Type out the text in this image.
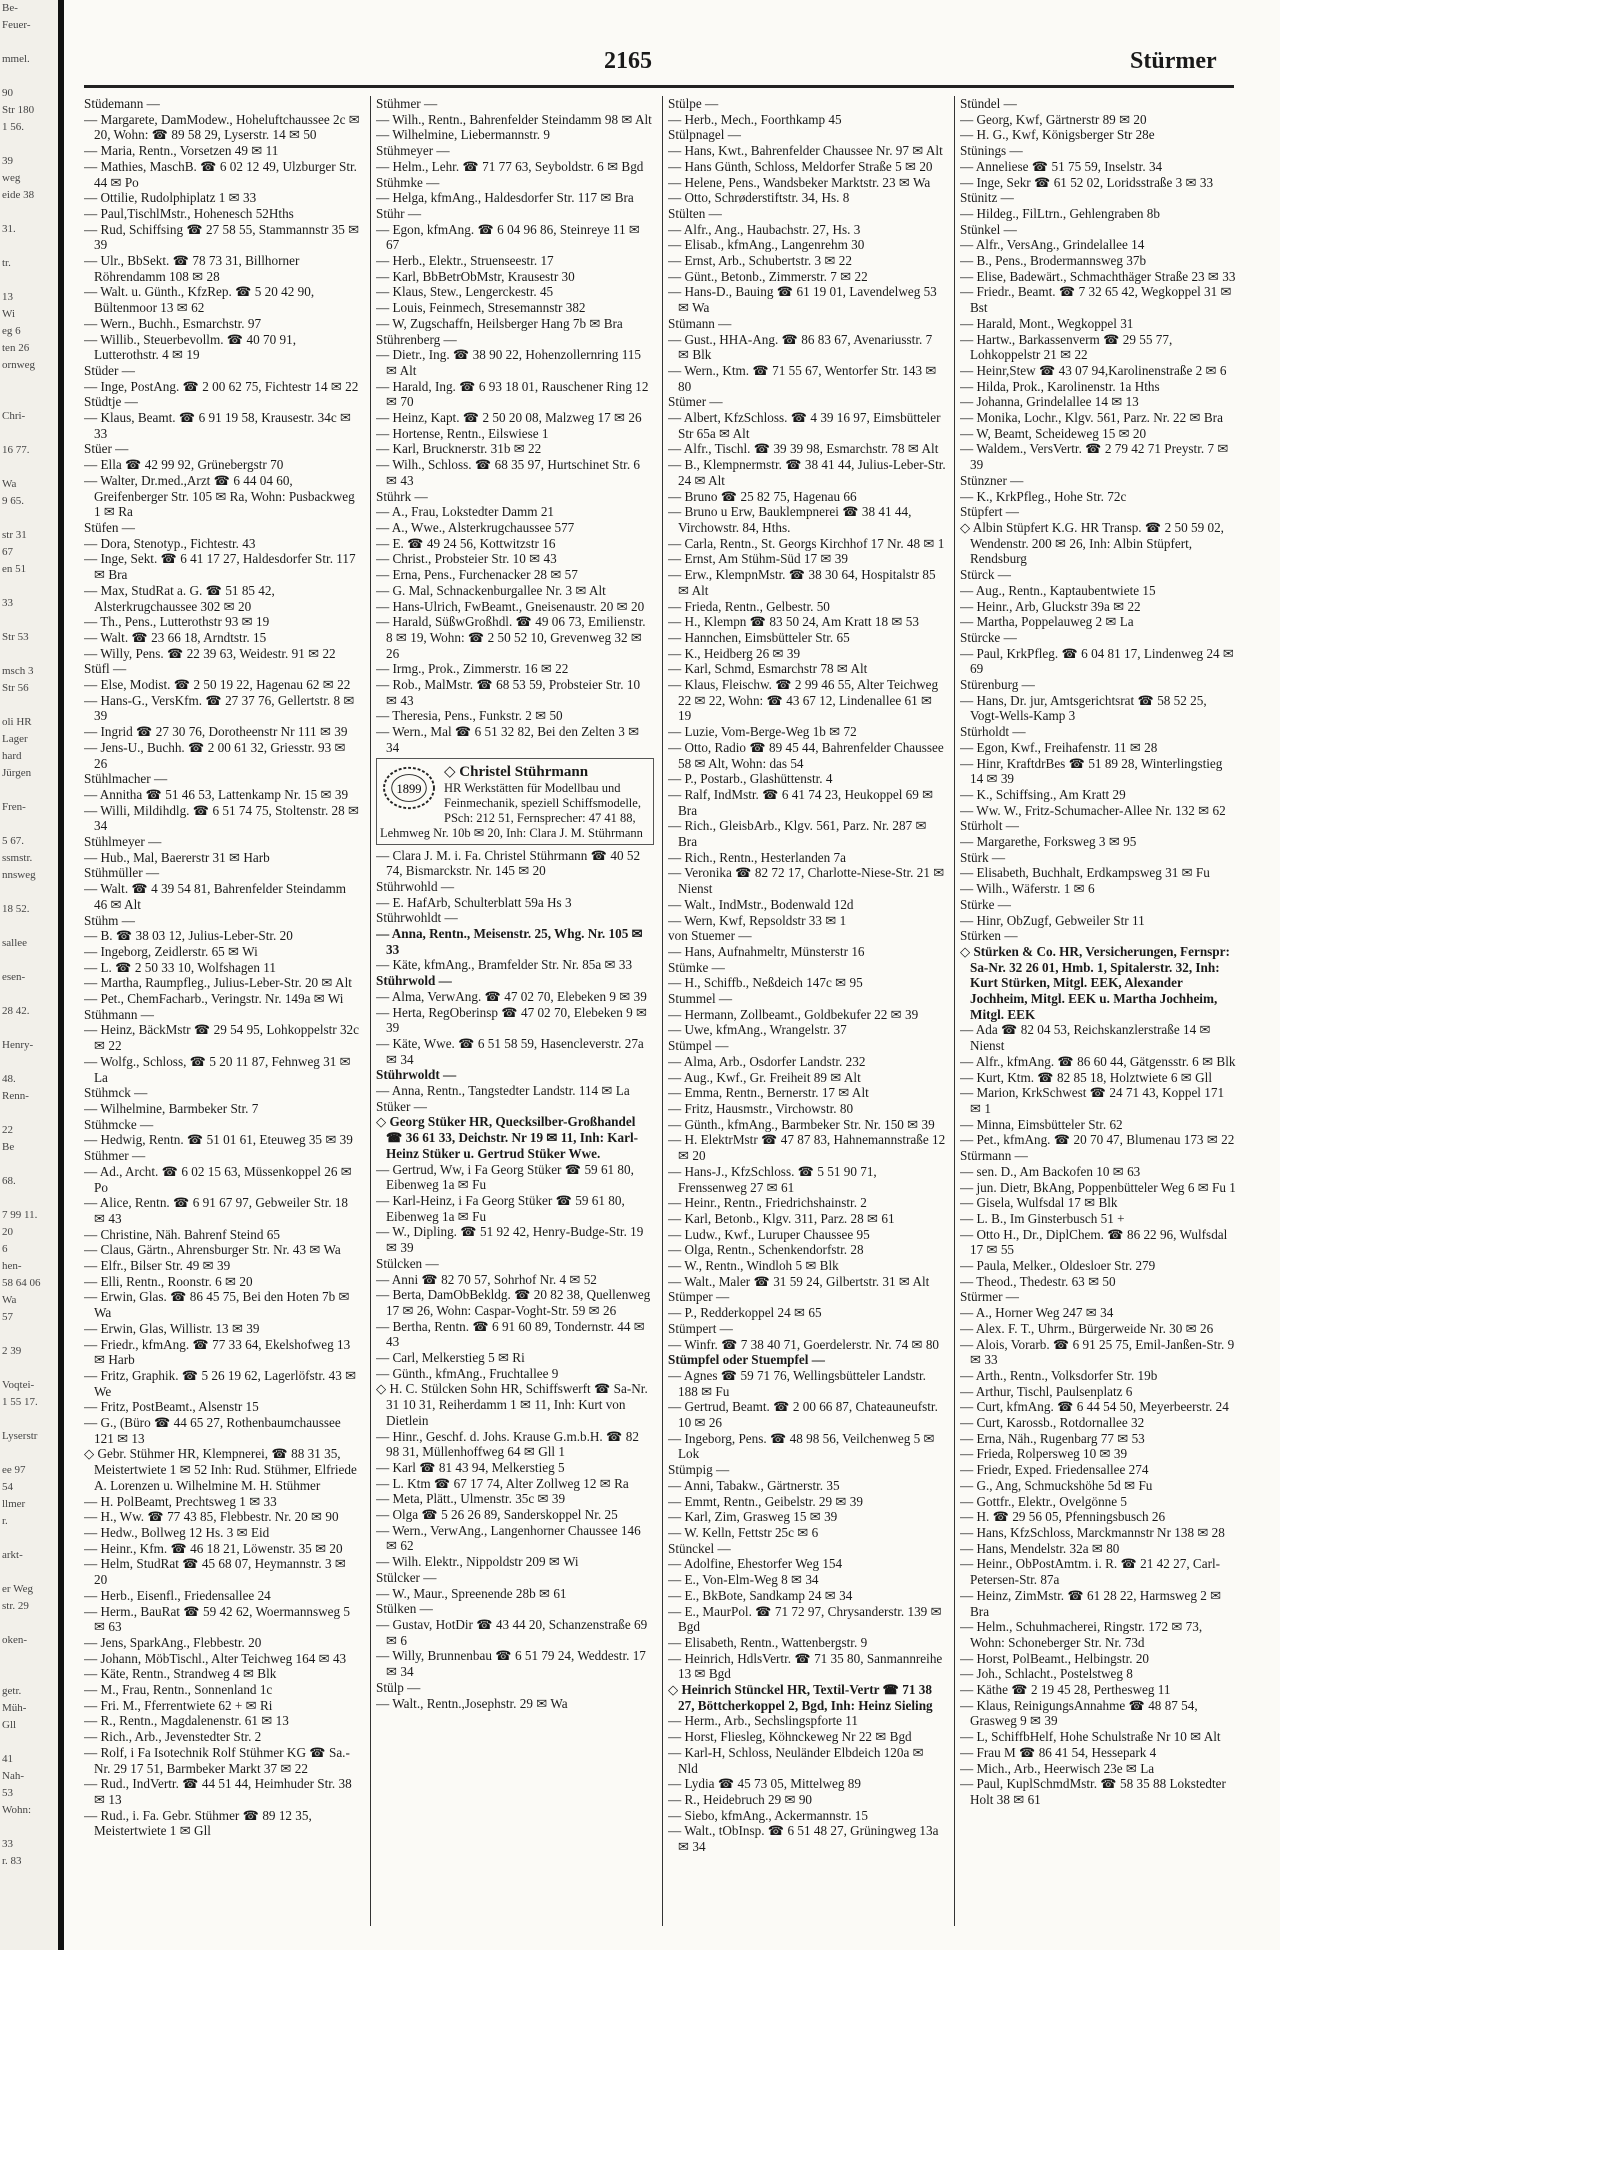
Be-
Feuer-

mmel.

90
Str 180
1 56.

39
weg
eide 38

31.

tr.

13
Wi
eg 6
ten 26
ornweg

Chri-

16 77.

Wa
9 65.

str 31
67
en 51

33

Str 53

msch 3
Str 56

oli HR
Lager
hard
Jürgen

Fren-

5 67.
ssmstr.
nnsweg

18 52.

sallee

esen-

28 42.

Henry-

48.
Renn-

22
Be

68.

7 99 11.
20
6
hen-
58 64 06
Wa
57

2 39

Voqtei-
1 55 17.

Lyserstr

ee 97
54
llmer
r.

arkt-

er Weg
str. 29

oken-

getr.
Müh-
Gll

41
Nah-
53
Wohn:

33
r. 83
2165	Stürmer

Stüdemann —

— Margarete, DamModew., Hoheluftchaussee 2c ✉ 20, Wohn: ☎ 89 58 29, Lyserstr. 14 ✉ 50

— Maria, Rentn., Vorsetzen 49 ✉ 11

— Mathies, MaschB. ☎ 6 02 12 49, Ulzburger Str. 44 ✉ Po

— Ottilie, Rudolphiplatz 1 ✉ 33

— Paul,TischlMstr., Hohenesch 52Hths

— Rud, Schiffsing ☎ 27 58 55, Stammannstr 35 ✉ 39

— Ulr., BbSekt. ☎ 78 73 31, Billhorner Röhrendamm 108 ✉ 28

— Walt. u. Günth., KfzRep. ☎ 5 20 42 90, Bültenmoor 13 ✉ 62

— Wern., Buchh., Esmarchstr. 97

— Willib., Steuerbevollm. ☎ 40 70 91, Lutterothstr. 4 ✉ 19

Stüder —

— Inge, PostAng. ☎ 2 00 62 75, Fichtestr 14 ✉ 22

Stüdtje —

— Klaus, Beamt. ☎ 6 91 19 58, Krausestr. 34c ✉ 33

Stüer —

— Ella ☎ 42 99 92, Grünebergstr 70

— Walter, Dr.med.,Arzt ☎ 6 44 04 60, Greifenberger Str. 105 ✉ Ra, Wohn: Pusbackweg 1 ✉ Ra

Stüfen —

— Dora, Stenotyp., Fichtestr. 43

— Inge, Sekt. ☎ 6 41 17 27, Haldesdorfer Str. 117 ✉ Bra

— Max, StudRat a. G. ☎ 51 85 42, Alsterkrugchaussee 302 ✉ 20

— Th., Pens., Lutterothstr 93 ✉ 19

— Walt. ☎ 23 66 18, Arndtstr. 15

— Willy, Pens. ☎ 22 39 63, Weidestr. 91 ✉ 22

Stüfl —

— Else, Modist. ☎ 2 50 19 22, Hagenau 62 ✉ 22

— Hans-G., VersKfm. ☎ 27 37 76, Gellertstr. 8 ✉ 39

— Ingrid ☎ 27 30 76, Dorotheenstr Nr 111 ✉ 39

— Jens-U., Buchh. ☎ 2 00 61 32, Griesstr. 93 ✉ 26

Stühlmacher —

— Annitha ☎ 51 46 53, Lattenkamp Nr. 15 ✉ 39

— Willi, Mildihdlg. ☎ 6 51 74 75, Stoltenstr. 28 ✉ 34

Stühlmeyer —

— Hub., Mal, Baererstr 31 ✉ Harb

Stühmüller —

— Walt. ☎ 4 39 54 81, Bahrenfelder Steindamm 46 ✉ Alt

Stühm —

— B. ☎ 38 03 12, Julius-Leber-Str. 20

— Ingeborg, Zeidlerstr. 65 ✉ Wi

— L. ☎ 2 50 33 10, Wolfshagen 11

— Martha, Raumpfleg., Julius-Leber-Str. 20 ✉ Alt

— Pet., ChemFacharb., Veringstr. Nr. 149a ✉ Wi

Stühmann —

— Heinz, BäckMstr ☎ 29 54 95, Lohkoppelstr 32c ✉ 22

— Wolfg., Schloss, ☎ 5 20 11 87, Fehnweg 31 ✉ La

Stühmck —

— Wilhelmine, Barmbeker Str. 7

Stühmcke —

— Hedwig, Rentn. ☎ 51 01 61, Eteuweg 35 ✉ 39

Stühmer —

— Ad., Archt. ☎ 6 02 15 63, Müssenkoppel 26 ✉ Po

— Alice, Rentn. ☎ 6 91 67 97, Gebweiler Str. 18 ✉ 43

— Christine, Näh. Bahrenf Steind 65

— Claus, Gärtn., Ahrensburger Str. Nr. 43 ✉ Wa

— Elfr., Bilser Str. 49 ✉ 39

— Elli, Rentn., Roonstr. 6 ✉ 20

— Erwin, Glas. ☎ 86 45 75, Bei den Hoten 7b ✉ Wa

— Erwin, Glas, Willistr. 13 ✉ 39

— Friedr., kfmAng. ☎ 77 33 64, Ekelshofweg 13 ✉ Harb

— Fritz, Graphik. ☎ 5 26 19 62, Lagerlöfstr. 43 ✉ We

— Fritz, PostBeamt., Alsenstr 15

— G., (Büro ☎ 44 65 27, Rothenbaumchaussee 121 ✉ 13

◇ Gebr. Stühmer HR, Klempnerei, ☎ 88 31 35, Meistertwiete 1 ✉ 52 Inh: Rud. Stühmer, Elfriede A. Lorenzen u. Wilhelmine M. H. Stühmer

— H. PolBeamt, Prechtsweg 1 ✉ 33

— H., Ww. ☎ 77 43 85, Flebbestr. Nr. 20 ✉ 90

— Hedw., Bollweg 12 Hs. 3 ✉ Eid

— Heinr., Kfm. ☎ 46 18 21, Löwenstr. 35 ✉ 20

— Helm, StudRat ☎ 45 68 07, Heymannstr. 3 ✉ 20

— Herb., Eisenfl., Friedensallee 24

— Herm., BauRat ☎ 59 42 62, Woermannsweg 5 ✉ 63

— Jens, SparkAng., Flebbestr. 20

— Johann, MöbTischl., Alter Teichweg 164 ✉ 43

— Käte, Rentn., Strandweg 4 ✉ Blk

— M., Frau, Rentn., Sonnenland 1c

— Fri. M., Fferrentwiete 62 + ✉ Ri

— R., Rentn., Magdalenenstr. 61 ✉ 13

— Rich., Arb., Jevenstedter Str. 2

— Rolf, i Fa Isotechnik Rolf Stühmer KG ☎ Sa.-Nr. 29 17 51, Barmbeker Markt 37 ✉ 22

— Rud., IndVertr. ☎ 44 51 44, Heimhuder Str. 38 ✉ 13

— Rud., i. Fa. Gebr. Stühmer ☎ 89 12 35, Meistertwiete 1 ✉ Gll

Stühmer —

— Wilh., Rentn., Bahrenfelder Steindamm 98 ✉ Alt

— Wilhelmine, Liebermannstr. 9

Stühmeyer —

— Helm., Lehr. ☎ 71 77 63, Seyboldstr. 6 ✉ Bgd

Stühmke —

— Helga, kfmAng., Haldesdorfer Str. 117 ✉ Bra

Stühr —

— Egon, kfmAng. ☎ 6 04 96 86, Steinreye 11 ✉ 67

— Herb., Elektr., Struenseestr. 17

— Karl, BbBetrObMstr, Krausestr 30

— Klaus, Stew., Lengerckestr. 45

— Louis, Feinmech, Stresemannstr 382

— W, Zugschaffn, Heilsberger Hang 7b ✉ Bra

Stührenberg —

— Dietr., Ing. ☎ 38 90 22, Hohenzollernring 115 ✉ Alt

— Harald, Ing. ☎ 6 93 18 01, Rauschener Ring 12 ✉ 70

— Heinz, Kapt. ☎ 2 50 20 08, Malzweg 17 ✉ 26

— Hortense, Rentn., Eilswiese 1

— Karl, Brucknerstr. 31b ✉ 22

— Wilh., Schloss. ☎ 68 35 97, Hurtschinet Str. 6 ✉ 43

Stührk —

— A., Frau, Lokstedter Damm 21

— A., Wwe., Alsterkrugchaussee 577

— E. ☎ 49 24 56, Kottwitzstr 16

— Christ., Probsteier Str. 10 ✉ 43

— Erna, Pens., Furchenacker 28 ✉ 57

— G. Mal, Schnackenburgallee Nr. 3 ✉ Alt

— Hans-Ulrich, FwBeamt., Gneisenaustr. 20 ✉ 20

— Harald, SüßwGroßhdl. ☎ 49 06 73, Emilienstr. 8 ✉ 19, Wohn: ☎ 2 50 52 10, Grevenweg 32 ✉ 26

— Irmg., Prok., Zimmerstr. 16 ✉ 22

— Rob., MalMstr. ☎ 68 53 59, Probsteier Str. 10 ✉ 43

— Theresia, Pens., Funkstr. 2 ✉ 50

— Wern., Mal ☎ 6 51 32 82, Bei den Zelten 3 ✉ 34

1899
◇ Christel Stührmann
HR Werkstätten für Modellbau und Feinmechanik, speziell Schiffsmodelle, PSch: 212 51, Fernsprecher: 47 41 88, Lehmweg Nr. 10b ✉ 20, Inh: Clara J. M. Stührmann

— Clara J. M. i. Fa. Christel Stührmann ☎ 40 52 74, Bismarckstr. Nr. 145 ✉ 20

Stührwohld —

— E. HafArb, Schulterblatt 59a Hs 3

Stührwohldt —

— Anna, Rentn., Meisenstr. 25, Whg. Nr. 105 ✉ 33

— Käte, kfmAng., Bramfelder Str. Nr. 85a ✉ 33

Stührwold —

— Alma, VerwAng. ☎ 47 02 70, Elebeken 9 ✉ 39

— Herta, RegOberinsp ☎ 47 02 70, Elebeken 9 ✉ 39

— Käte, Wwe. ☎ 6 51 58 59, Hasencleverstr. 27a ✉ 34

Stührwoldt —

— Anna, Rentn., Tangstedter Landstr. 114 ✉ La

Stüker —

◇ Georg Stüker HR, Quecksilber-Großhandel ☎ 36 61 33, Deichstr. Nr 19 ✉ 11, Inh: Karl-Heinz Stüker u. Gertrud Stüker Wwe.

— Gertrud, Ww, i Fa Georg Stüker ☎ 59 61 80, Eibenweg 1a ✉ Fu

— Karl-Heinz, i Fa Georg Stüker ☎ 59 61 80, Eibenweg 1a ✉ Fu

— W., Dipling. ☎ 51 92 42, Henry-Budge-Str. 19 ✉ 39

Stülcken —

— Anni ☎ 82 70 57, Sohrhof Nr. 4 ✉ 52

— Berta, DamObBekldg. ☎ 20 82 38, Quellenweg 17 ✉ 26, Wohn: Caspar-Voght-Str. 59 ✉ 26

— Bertha, Rentn. ☎ 6 91 60 89, Tondernstr. 44 ✉ 43

— Carl, Melkerstieg 5 ✉ Ri

— Günth., kfmAng., Fruchtallee 9

◇ H. C. Stülcken Sohn HR, Schiffswerft ☎ Sa-Nr. 31 10 31, Reiherdamm 1 ✉ 11, Inh: Kurt von Dietlein

— Hinr., Geschf. d. Johs. Krause G.m.b.H. ☎ 82 98 31, Müllenhoffweg 64 ✉ Gll 1

— Karl ☎ 81 43 94, Melkerstieg 5

— L. Ktm ☎ 67 17 74, Alter Zollweg 12 ✉ Ra

— Meta, Plätt., Ulmenstr. 35c ✉ 39

— Olga ☎ 5 26 26 89, Sanderskoppel Nr. 25

— Wern., VerwAng., Langenhorner Chaussee 146 ✉ 62

— Wilh. Elektr., Nippoldstr 209 ✉ Wi

Stülcker —

— W., Maur., Spreenende 28b ✉ 61

Stülken —

— Gustav, HotDir ☎ 43 44 20, Schanzenstraße 69 ✉ 6

— Willy, Brunnenbau ☎ 6 51 79 24, Weddestr. 17 ✉ 34

Stülp —

— Walt., Rentn.,Josephstr. 29 ✉ Wa

Stülpe —

— Herb., Mech., Foorthkamp 45

Stülpnagel —

— Hans, Kwt., Bahrenfelder Chaussee Nr. 97 ✉ Alt

— Hans Günth, Schloss, Meldorfer Straße 5 ✉ 20

— Helene, Pens., Wandsbeker Marktstr. 23 ✉ Wa

— Otto, Schrøderstiftstr. 34, Hs. 8

Stülten —

— Alfr., Ang., Haubachstr. 27, Hs. 3

— Elisab., kfmAng., Langenrehm 30

— Ernst, Arb., Schubertstr. 3 ✉ 22

— Günt., Betonb., Zimmerstr. 7 ✉ 22

— Hans-D., Bauing ☎ 61 19 01, Lavendelweg 53 ✉ Wa

Stümann —

— Gust., HHA-Ang. ☎ 86 83 67, Avenariusstr. 7 ✉ Blk

— Wern., Ktm. ☎ 71 55 67, Wentorfer Str. 143 ✉ 80

Stümer —

— Albert, KfzSchloss. ☎ 4 39 16 97, Eimsbütteler Str 65a ✉ Alt

— Alfr., Tischl. ☎ 39 39 98, Esmarchstr. 78 ✉ Alt

— B., Klempnermstr. ☎ 38 41 44, Julius-Leber-Str. 24 ✉ Alt

— Bruno ☎ 25 82 75, Hagenau 66

— Bruno u Erw, Bauklempnerei ☎ 38 41 44, Virchowstr. 84, Hths.

— Carla, Rentn., St. Georgs Kirchhof 17 Nr. 48 ✉ 1

— Ernst, Am Stühm-Süd 17 ✉ 39

— Erw., KlempnMstr. ☎ 38 30 64, Hospitalstr 85 ✉ Alt

— Frieda, Rentn., Gelbestr. 50

— H., Klempn ☎ 83 50 24, Am Kratt 18 ✉ 53

— Hannchen, Eimsbütteler Str. 65

— K., Heidberg 26 ✉ 39

— Karl, Schmd, Esmarchstr 78 ✉ Alt

— Klaus, Fleischw. ☎ 2 99 46 55, Alter Teichweg 22 ✉ 22, Wohn: ☎ 43 67 12, Lindenallee 61 ✉ 19

— Luzie, Vom-Berge-Weg 1b ✉ 72

— Otto, Radio ☎ 89 45 44, Bahrenfelder Chaussee 58 ✉ Alt, Wohn: das 54

— P., Postarb., Glashüttenstr. 4

— Ralf, IndMstr. ☎ 6 41 74 23, Heukoppel 69 ✉ Bra

— Rich., GleisbArb., Klgv. 561, Parz. Nr. 287 ✉ Bra

— Rich., Rentn., Hesterlanden 7a

— Veronika ☎ 82 72 17, Charlotte-Niese-Str. 21 ✉ Nienst

— Walt., IndMstr., Bodenwald 12d

— Wern, Kwf, Repsoldstr 33 ✉ 1

von Stuemer —

— Hans, Aufnahmeltr, Münsterstr 16

Stümke —

— H., Schiffb., Neßdeich 147c ✉ 95

Stummel —

— Hermann, Zollbeamt., Goldbekufer 22 ✉ 39

— Uwe, kfmAng., Wrangelstr. 37

Stümpel —

— Alma, Arb., Osdorfer Landstr. 232

— Aug., Kwf., Gr. Freiheit 89 ✉ Alt

— Emma, Rentn., Bernerstr. 17 ✉ Alt

— Fritz, Hausmstr., Virchowstr. 80

— Günth., kfmAng., Barmbeker Str. Nr. 150 ✉ 39

— H. ElektrMstr ☎ 47 87 83, Hahnemannstraße 12 ✉ 20

— Hans-J., KfzSchloss. ☎ 5 51 90 71, Frenssenweg 27 ✉ 61

— Heinr., Rentn., Friedrichshainstr. 2

— Karl, Betonb., Klgv. 311, Parz. 28 ✉ 61

— Ludw., Kwf., Luruper Chaussee 95

— Olga, Rentn., Schenkendorfstr. 28

— W., Rentn., Windloh 5 ✉ Blk

— Walt., Maler ☎ 31 59 24, Gilbertstr. 31 ✉ Alt

Stümper —

— P., Redderkoppel 24 ✉ 65

Stümpert —

— Winfr. ☎ 7 38 40 71, Goerdelerstr. Nr. 74 ✉ 80

Stümpfel oder Stuempfel —

— Agnes ☎ 59 71 76, Wellingsbütteler Landstr. 188 ✉ Fu

— Gertrud, Beamt. ☎ 2 00 66 87, Chateauneufstr. 10 ✉ 26

— Ingeborg, Pens. ☎ 48 98 56, Veilchenweg 5 ✉ Lok

Stümpig —

— Anni, Tabakw., Gärtnerstr. 35

— Emmt, Rentn., Geibelstr. 29 ✉ 39

— Karl, Zim, Grasweg 15 ✉ 39

— W. Kelln, Fettstr 25c ✉ 6

Stünckel —

— Adolfine, Ehestorfer Weg 154

— E., Von-Elm-Weg 8 ✉ 34

— E., BkBote, Sandkamp 24 ✉ 34

— E., MaurPol. ☎ 71 72 97, Chrysanderstr. 139 ✉ Bgd

— Elisabeth, Rentn., Wattenbergstr. 9

— Heinrich, HdlsVertr. ☎ 71 35 80, Sanmannreihe 13 ✉ Bgd

◇ Heinrich Stünckel HR, Textil-Vertr ☎ 71 38 27, Böttcherkoppel 2, Bgd, Inh: Heinz Sieling

— Herm., Arb., Sechslingspforte 11

— Horst, Fliesleg, Köhnckeweg Nr 22 ✉ Bgd

— Karl-H, Schloss, Neuländer Elbdeich 120a ✉ Nld

— Lydia ☎ 45 73 05, Mittelweg 89

— R., Heidebruch 29 ✉ 90

— Siebo, kfmAng., Ackermannstr. 15

— Walt., tObInsp. ☎ 6 51 48 27, Grüningweg 13a ✉ 34

Stündel —

— Georg, Kwf, Gärtnerstr 89 ✉ 20

— H. G., Kwf, Königsberger Str 28e

Stünings —

— Anneliese ☎ 51 75 59, Inselstr. 34

— Inge, Sekr ☎ 61 52 02, Loridsstraße 3 ✉ 33

Stünitz —

— Hildeg., FilLtrn., Gehlengraben 8b

Stünkel —

— Alfr., VersAng., Grindelallee 14

— B., Pens., Brodermannsweg 37b

— Elise, Badewärt., Schmachthäger Straße 23 ✉ 33

— Friedr., Beamt. ☎ 7 32 65 42, Wegkoppel 31 ✉ Bst

— Harald, Mont., Wegkoppel 31

— Hartw., Barkassenverm ☎ 29 55 77, Lohkoppelstr 21 ✉ 22

— Heinr,Stew ☎ 43 07 94,Karolinenstraße 2 ✉ 6

— Hilda, Prok., Karolinenstr. 1a Hths

— Johanna, Grindelallee 14 ✉ 13

— Monika, Lochr., Klgv. 561, Parz. Nr. 22 ✉ Bra

— W, Beamt, Scheideweg 15 ✉ 20

— Waldem., VersVertr. ☎ 2 79 42 71 Preystr. 7 ✉ 39

Stünzner —

— K., KrkPfleg., Hohe Str. 72c

Stüpfert —

◇ Albin Stüpfert K.G. HR Transp. ☎ 2 50 59 02, Wendenstr. 200 ✉ 26, Inh: Albin Stüpfert, Rendsburg

Stürck —

— Aug., Rentn., Kaptaubentwiete 15

— Heinr., Arb, Gluckstr 39a ✉ 22

— Martha, Poppelauweg 2 ✉ La

Stürcke —

— Paul, KrkPfleg. ☎ 6 04 81 17, Lindenweg 24 ✉ 69

Stürenburg —

— Hans, Dr. jur, Amtsgerichtsrat ☎ 58 52 25, Vogt-Wells-Kamp 3

Stürholdt —

— Egon, Kwf., Freihafenstr. 11 ✉ 28

— Hinr, KraftdrBes ☎ 51 89 28, Winterlingstieg 14 ✉ 39

— K., Schiffsing., Am Kratt 29

— Ww. W., Fritz-Schumacher-Allee Nr. 132 ✉ 62

Stürholt —

— Margarethe, Forksweg 3 ✉ 95

Stürk —

— Elisabeth, Buchhalt, Erdkampsweg 31 ✉ Fu

— Wilh., Wäferstr. 1 ✉ 6

Stürke —

— Hinr, ObZugf, Gebweiler Str 11

Stürken —

◇ Stürken & Co. HR, Versicherungen, Fernspr: Sa-Nr. 32 26 01, Hmb. 1, Spitalerstr. 32, Inh: Kurt Stürken, Mitgl. EEK, Alexander Jochheim, Mitgl. EEK u. Martha Jochheim, Mitgl. EEK

— Ada ☎ 82 04 53, Reichskanzlerstraße 14 ✉ Nienst

— Alfr., kfmAng. ☎ 86 60 44, Gätgensstr. 6 ✉ Blk

— Kurt, Ktm. ☎ 82 85 18, Holztwiete 6 ✉ Gll

— Marion, KrkSchwest ☎ 24 71 43, Koppel 171 ✉ 1

— Minna, Eimsbütteler Str. 62

— Pet., kfmAng. ☎ 20 70 47, Blumenau 173 ✉ 22

Stürmann —

— sen. D., Am Backofen 10 ✉ 63

— jun. Dietr, BkAng, Poppenbütteler Weg 6 ✉ Fu 1

— Gisela, Wulfsdal 17 ✉ Blk

— L. B., Im Ginsterbusch 51 +

— Otto H., Dr., DiplChem. ☎ 86 22 96, Wulfsdal 17 ✉ 55

— Paula, Melker., Oldesloer Str. 279

— Theod., Thedestr. 63 ✉ 50

Stürmer —

— A., Horner Weg 247 ✉ 34

— Alex. F. T., Uhrm., Bürgerweide Nr. 30 ✉ 26

— Alois, Vorarb. ☎ 6 91 25 75, Emil-Janßen-Str. 9 ✉ 33

— Arth., Rentn., Volksdorfer Str. 19b

— Arthur, Tischl, Paulsenplatz 6

— Curt, kfmAng. ☎ 6 44 54 50, Meyerbeerstr. 24

— Curt, Karossb., Rotdornallee 32

— Erna, Näh., Rugenbarg 77 ✉ 53

— Frieda, Rolpersweg 10 ✉ 39

— Friedr, Exped. Friedensallee 274

— G., Ang, Schmuckshöhe 5d ✉ Fu

— Gottfr., Elektr., Ovelgönne 5

— H. ☎ 29 56 05, Pfenningsbusch 26

— Hans, KfzSchloss, Marckmannstr Nr 138 ✉ 28

— Hans, Mendelstr. 32a ✉ 80

— Heinr., ObPostAmtm. i. R. ☎ 21 42 27, Carl-Petersen-Str. 87a

— Heinz, ZimMstr. ☎ 61 28 22, Harmsweg 2 ✉ Bra

— Helm., Schuhmacherei, Ringstr. 172 ✉ 73, Wohn: Schoneberger Str. Nr. 73d

— Horst, PolBeamt., Helbingstr. 20

— Joh., Schlacht., Postelstweg 8

— Käthe ☎ 2 19 45 28, Perthesweg 11

— Klaus, ReinigungsAnnahme ☎ 48 87 54, Grasweg 9 ✉ 39

— L, SchiffbHelf, Hohe Schulstraße Nr 10 ✉ Alt

— Frau M ☎ 86 41 54, Hessepark 4

— Mich., Arb., Heerwisch 23e ✉ La

— Paul, KuplSchmdMstr. ☎ 58 35 88 Lokstedter Holt 38 ✉ 61
